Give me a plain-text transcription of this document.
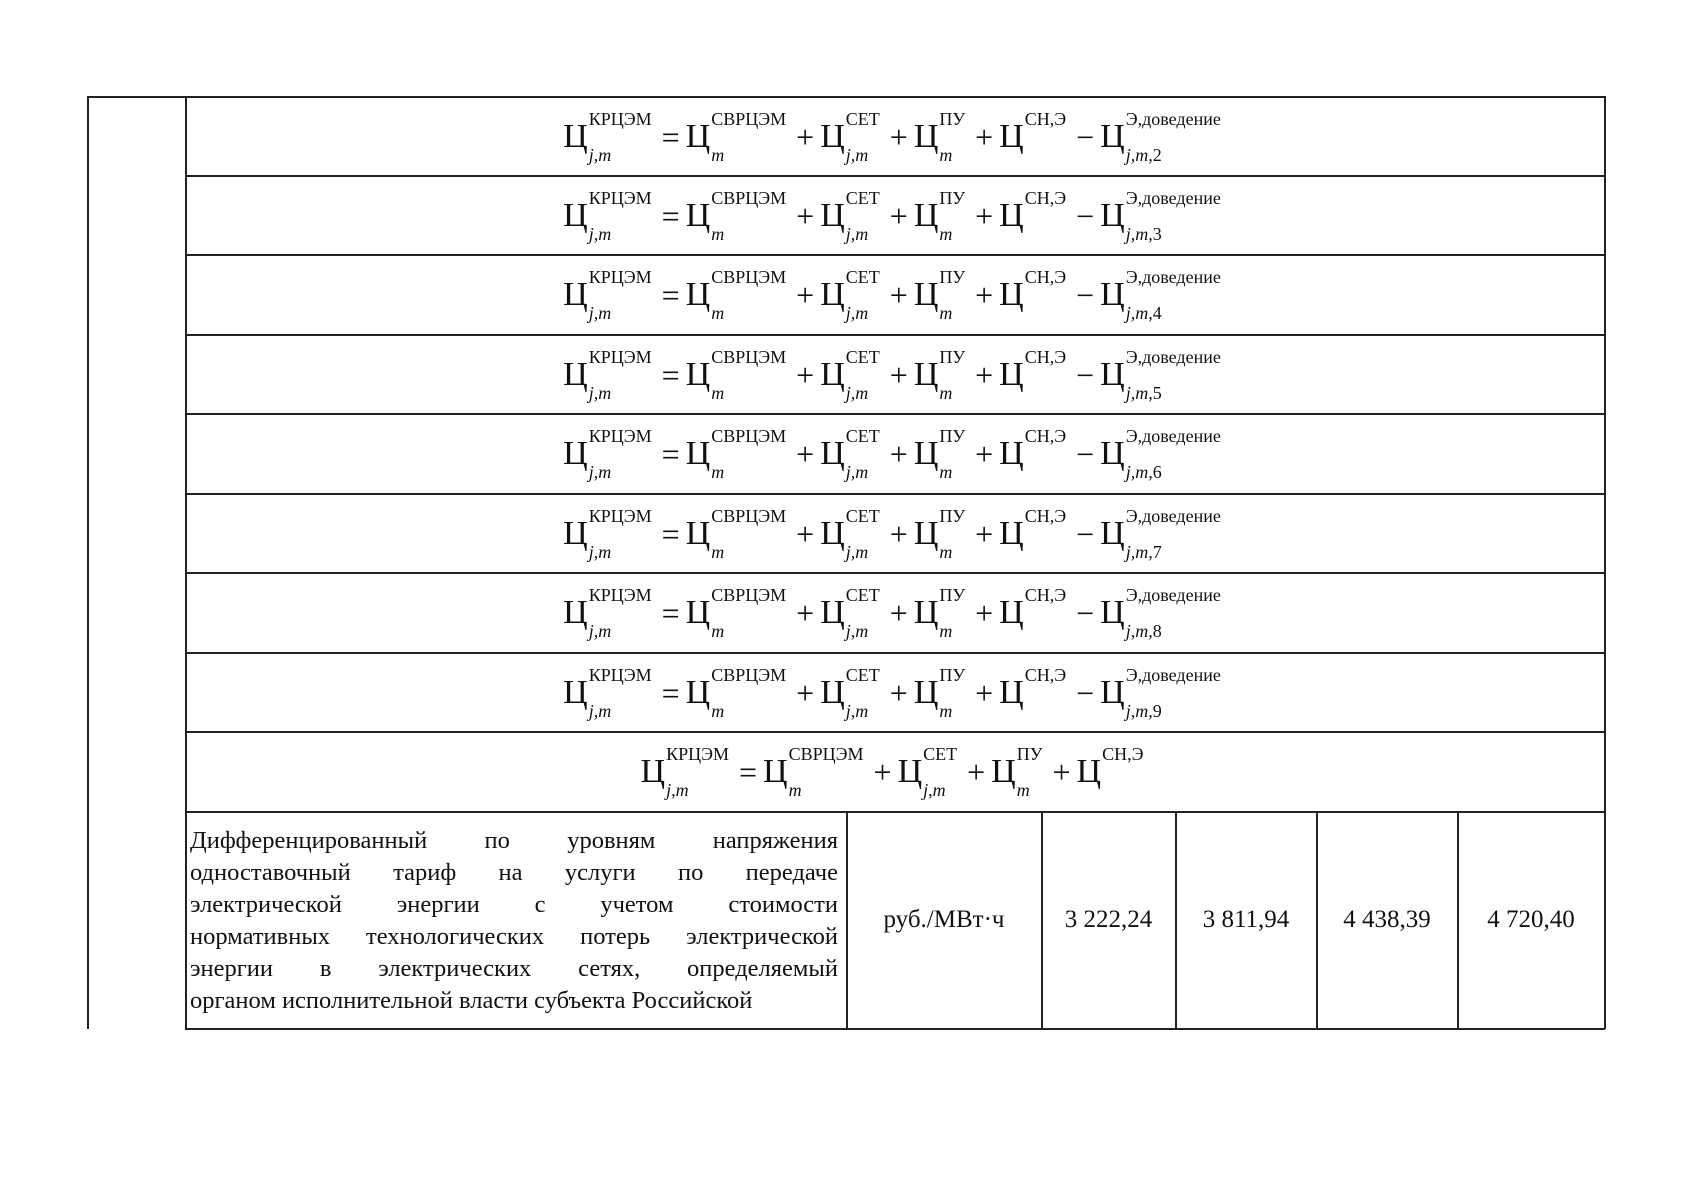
Ц КРЦЭМ
j,m	= Ц СВРЦЭМ
m	+ Ц СЕТ
j,m + Ц ПУ
m + Ц СН,Э − Ц Э,доведение
j,m,2
Ц КРЦЭМ
j,m	= Ц СВРЦЭМ
m	+ Ц СЕТ
j,m + Ц ПУ
m + Ц СН,Э − Ц Э,доведение
j,m,3
Ц КРЦЭМ
j,m	= Ц СВРЦЭМ
m	+ Ц СЕТ
j,m + Ц ПУ
m + Ц СН,Э − Ц Э,доведение
j,m,4
Ц КРЦЭМ
j,m	= Ц СВРЦЭМ
m	+ Ц СЕТ
j,m + Ц ПУ
m + Ц СН,Э − Ц Э,доведение
j,m,5
Ц КРЦЭМ
j,m	= Ц СВРЦЭМ
m	+ Ц СЕТ
j,m + Ц ПУ
m + Ц СН,Э − Ц Э,доведение
j,m,6
Ц КРЦЭМ
j,m	= Ц СВРЦЭМ
m	+ Ц СЕТ
j,m + Ц ПУ
m + Ц СН,Э − Ц Э,доведение
j,m,7
Ц КРЦЭМ
j,m	= Ц СВРЦЭМ
m	+ Ц СЕТ
j,m + Ц ПУ
m + Ц СН,Э − Ц Э,доведение
j,m,8
Ц КРЦЭМ
j,m	= Ц СВРЦЭМ
m	+ Ц СЕТ
j,m + Ц ПУ
m + Ц СН,Э − Ц Э,доведение
j,m,9
Ц КРЦЭМ
j,m	= Ц СВРЦЭМ
m	+ Ц СЕТ
j,m + Ц ПУ
m + Ц СН,Э
Дифференцированный по уровням напряжения
одноставочный тариф на услуги по передаче
электрической энергии с учетом стоимости
нормативных технологических потерь электрической
энергии в электрических сетях, определяемый
органом исполнительной власти субъекта Российской
руб./МВт·ч	3 222,24	3 811,94	4 438,39	4 720,40
